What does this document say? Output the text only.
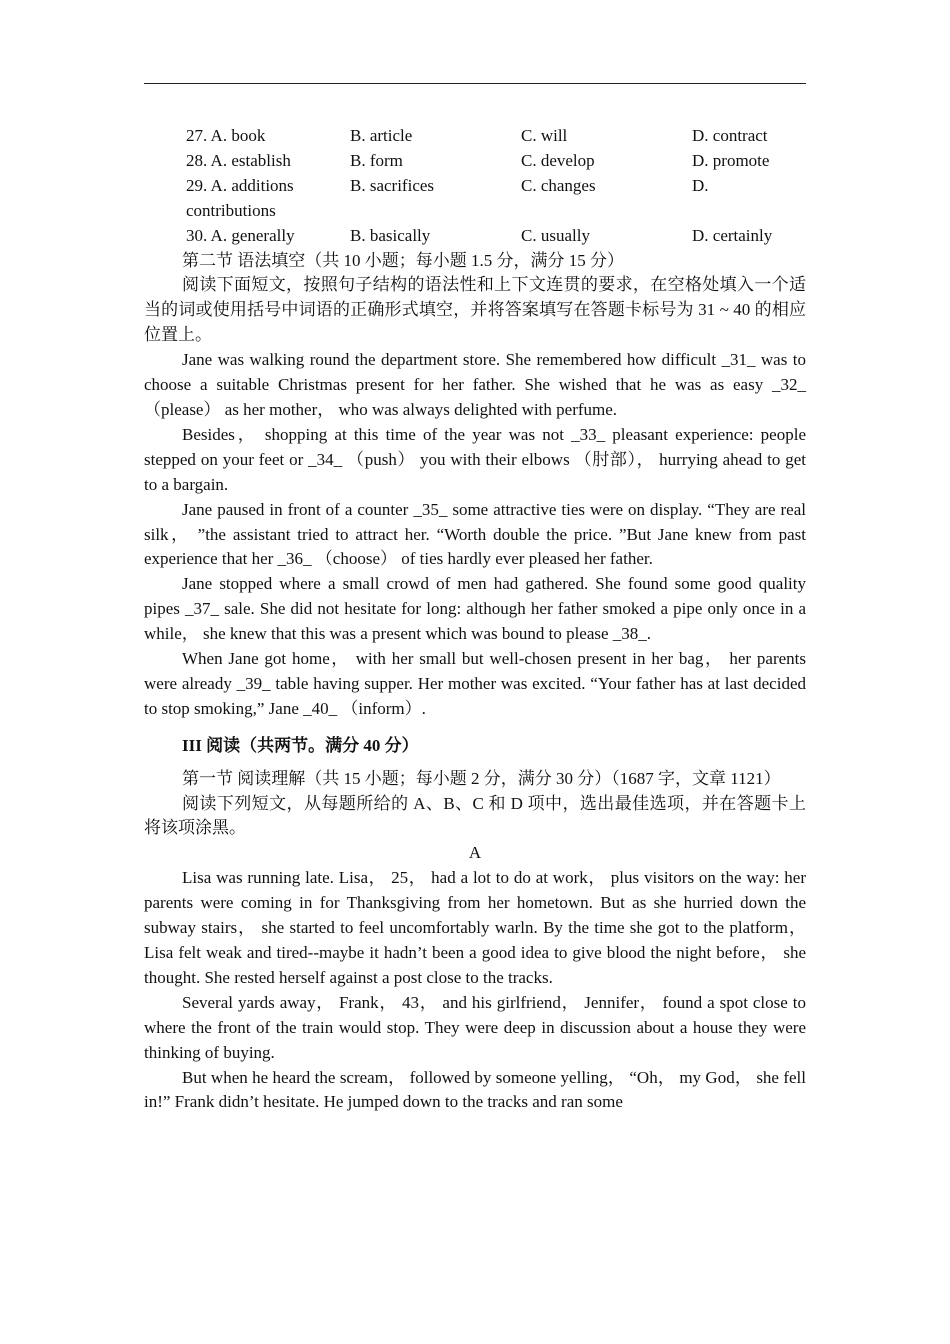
27. A. book	B. article	C. will	D. contract
28. A. establish	B. form	C. develop	D. promote
29. A. additions	B. sacrifices	C. changes	D.
contributions
30. A. generally	B. basically	C. usually	D. certainly

第二节 语法填空（共 10 小题；每小题 1.5 分，满分 15 分）

阅读下面短文，按照句子结构的语法性和上下文连贯的要求，在空格处填入一个适当的词或使用括号中词语的正确形式填空，并将答案填写在答题卡标号为 31 ~ 40 的相应位置上。

Jane was walking round the department store. She remembered how difficult _31_ was to choose a suitable Christmas present for her father. She wished that he was as easy _32_ （please） as her mother， who was always delighted with perfume.

Besides， shopping at this time of the year was not _33_ pleasant experience: people stepped on your feet or _34_ （push） you with their elbows （肘部）， hurrying ahead to get to a bargain.

Jane paused in front of a counter _35_ some attractive ties were on display. “They are real silk， ”the assistant tried to attract her. “Worth double the price. ”But Jane knew from past experience that her _36_ （choose） of ties hardly ever pleased her father.

Jane stopped where a small crowd of men had gathered. She found some good quality pipes _37_ sale. She did not hesitate for long: although her father smoked a pipe only once in a while， she knew that this was a present which was bound to please _38_.

When Jane got home， with her small but well-chosen present in her bag， her parents were already _39_ table having supper. Her mother was excited. “Your father has at last decided to stop smoking,” Jane _40_ （inform）.

III 阅读（共两节。满分 40 分）

第一节 阅读理解（共 15 小题；每小题 2 分，满分 30 分）（1687 字，文章 1121）

阅读下列短文，从每题所给的 A、B、C 和 D 项中，选出最佳选项，并在答题卡上将该项涂黑。

A

Lisa was running late. Lisa， 25， had a lot to do at work， plus visitors on the way: her parents were coming in for Thanksgiving from her hometown. But as she hurried down the subway stairs， she started to feel uncomfortably warln. By the time she got to the platform， Lisa felt weak and tired--maybe it hadn’t been a good idea to give blood the night before， she thought. She rested herself against a post close to the tracks.

Several yards away， Frank， 43， and his girlfriend， Jennifer， found a spot close to where the front of the train would stop. They were deep in discussion about a house they were thinking of buying.

But when he heard the scream， followed by someone yelling， “Oh， my God， she fell in!” Frank didn’t hesitate. He jumped down to the tracks and ran some
